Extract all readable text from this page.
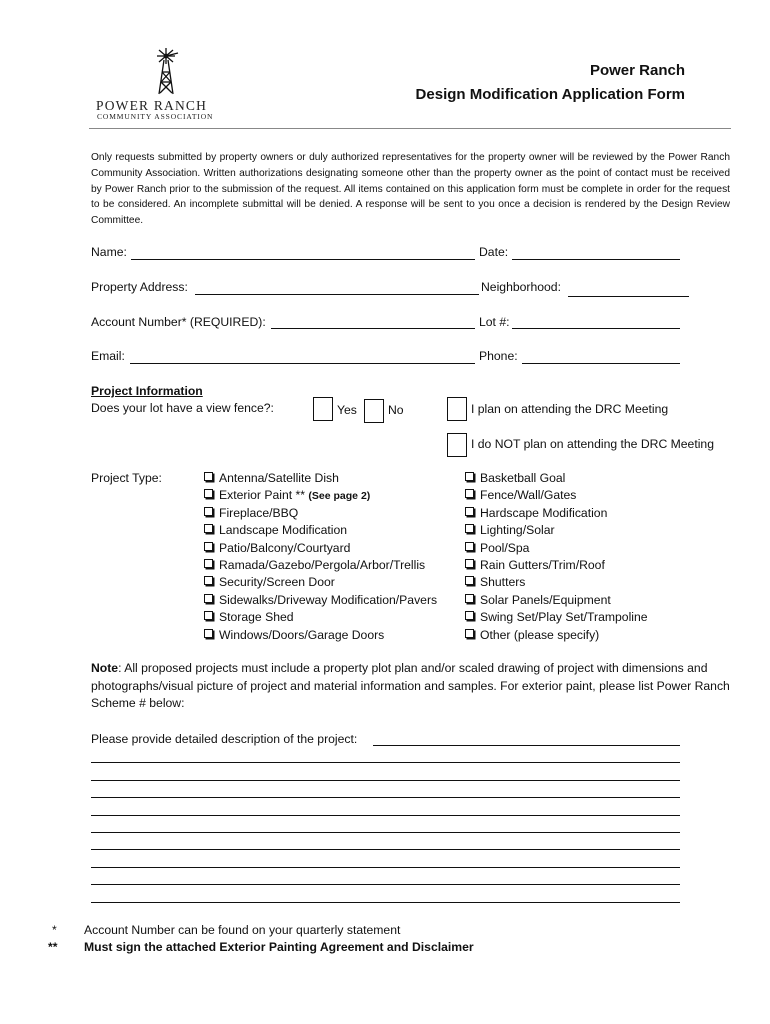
POWER RANCH
COMMUNITY ASSOCIATION
Power Ranch
Design Modification Application Form
Only requests submitted by property owners or duly authorized representatives for the property owner will be reviewed by the Power Ranch Community Association. Written authorizations designating someone other than the property owner as the point of contact must be received by Power Ranch prior to the submission of the request. All items contained on this application form must be complete in order for the request to be considered. An incomplete submittal will be denied. A response will be sent to you once a decision is rendered by the Design Review Committee.
Name:	Date:
Property Address:	Neighborhood:
Account Number* (REQUIRED):	Lot #:
Email:	Phone:
Project Information
Does your lot have a view fence?:	Yes	No	I plan on attending the DRC Meeting
I do NOT plan on attending the DRC Meeting
Project Type:	Antenna/Satellite Dish
Exterior Paint ** (See page 2)
Fireplace/BBQ
Landscape Modification
Patio/Balcony/Courtyard
Ramada/Gazebo/Pergola/Arbor/Trellis
Security/Screen Door
Sidewalks/Driveway Modification/Pavers
Storage Shed
Windows/Doors/Garage Doors
Basketball Goal
Fence/Wall/Gates
Hardscape Modification
Lighting/Solar
Pool/Spa
Rain Gutters/Trim/Roof
Shutters
Solar Panels/Equipment
Swing Set/Play Set/Trampoline
Other (please specify)
Note: All proposed projects must include a property plot plan and/or scaled drawing of project with dimensions and photographs/visual picture of project and material information and samples. For exterior paint, please list Power Ranch Scheme # below:
Please provide detailed description of the project:
* Account Number can be found on your quarterly statement
** Must sign the attached Exterior Painting Agreement and Disclaimer
